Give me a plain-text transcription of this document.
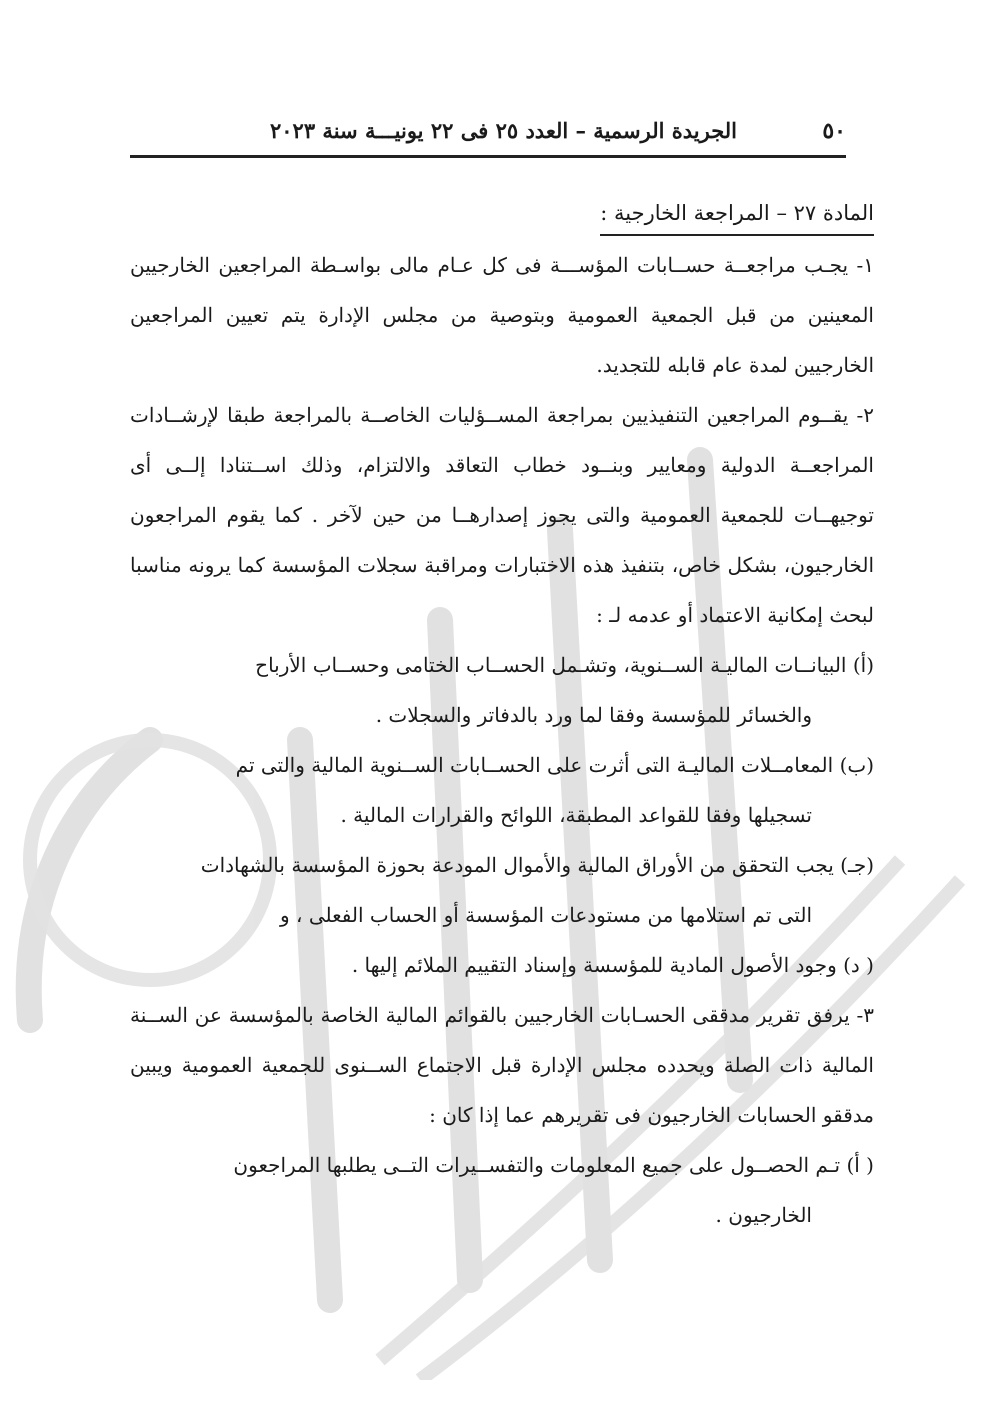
٥٠
الجريدة الرسمية – العدد ٢٥ فى ٢٢ يونيـــة سنة ٢٠٢٣
المادة ٢٧ – المراجعة الخارجية :

١- يجـب مراجعــة حســابات المؤســـة فى كل عـام مالى بواسـطة المراجعين الخارجيين المعينين من قبل الجمعية العمومية وبتوصية من مجلس الإدارة يتم تعيين المراجعين الخارجيين لمدة عام قابله للتجديد.

٢- يقــوم المراجعين التنفيذيين بمراجعة المســؤليات الخاصــة بالمراجعة طبقا لإرشــادات المراجعــة الدولية ومعايير وبنــود خطاب التعاقد والالتزام، وذلك اســتنادا إلــى أى توجيهــات للجمعية العمومية والتى يجوز إصدارهــا من حين لآخر . كما يقوم المراجعون الخارجيون، بشكل خاص، بتنفيذ هذه الاختبارات ومراقبة سجلات المؤسسة كما يرونه مناسبا لبحث إمكانية الاعتماد أو عدمه لـ :

(أ) البيانــات الماليـة الســنوية، وتشـمل الحســاب الختامى وحســاب الأرباح

والخسائر للمؤسسة وفقا لما ورد بالدفاتر والسجلات .

(ب) المعامــلات الماليـة التى أثرت على الحســابات الســنوية المالية والتى تم

تسجيلها وفقا للقواعد المطبقة، اللوائح والقرارات المالية .

(جـ) يجب التحقق من الأوراق المالية والأموال المودعة بحوزة المؤسسة بالشهادات

التى تم استلامها من مستودعات المؤسسة أو الحساب الفعلى ، و

( د) وجود الأصول المادية للمؤسسة وإسناد التقييم الملائم إليها .

٣- يرفق تقرير مدققى الحسـابات الخارجيين بالقوائم المالية الخاصة بالمؤسسة عن الســنة المالية ذات الصلة ويحدده مجلس الإدارة قبل الاجتماع الســنوى للجمعية العمومية ويبين مدققو الحسابات الخارجيون فى تقريرهم عما إذا كان :

( أ) تـم الحصــول على جميع المعلومات والتفســيرات التــى يطلبها المراجعون

الخارجيون .
